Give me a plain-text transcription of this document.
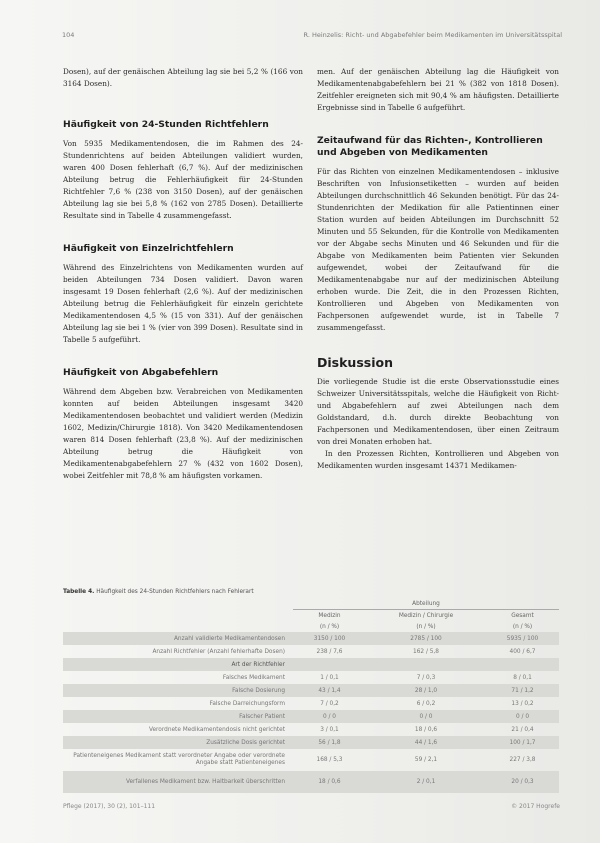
104	R. Heinzelis: Richt- und Abgabefehler beim Medikamenten im Universitätsspital

Dosen), auf der genäischen Abteilung lag sie bei 5,2 % (166 von 3164 Dosen).

Häufigkeit von 24-Stunden Richtfehlern

Von 5935 Medikamentendosen, die im Rahmen des 24-Stundenrichtens auf beiden Abteilungen validiert wurden, waren 400 Dosen fehlerhaft (6,7 %). Auf der medizinischen Abteilung betrug die Fehlerhäufigkeit für 24-Stunden Richtfehler 7,6 % (238 von 3150 Dosen), auf der genäischen Abteilung lag sie bei 5,8 % (162 von 2785 Dosen). Detaillierte Resultate sind in Tabelle 4 zusammengefasst.

Häufigkeit von Einzelrichtfehlern

Während des Einzelrichtens von Medikamenten wurden auf beiden Abteilungen 734 Dosen validiert. Davon waren insgesamt 19 Dosen fehlerhaft (2,6 %). Auf der medizinischen Abteilung betrug die Fehlerhäufigkeit für einzeln gerichtete Medikamentendosen 4,5 % (15 von 331). Auf der genäischen Abteilung lag sie bei 1 % (vier von 399 Dosen). Resultate sind in Tabelle 5 aufgeführt.

Häufigkeit von Abgabefehlern

Während dem Abgeben bzw. Verabreichen von Medikamenten konnten auf beiden Abteilungen insgesamt 3420 Medikamentendosen beobachtet und validiert werden (Medizin 1602, Medizin/Chirurgie 1818). Von 3420 Medikamentendosen waren 814 Dosen fehlerhaft (23,8 %). Auf der medizinischen Abteilung betrug die Häufigkeit von Medikamentenabgabefehlern 27 % (432 von 1602 Dosen), wobei Zeitfehler mit 78,8 % am häufigsten vorkamen.

men. Auf der genäischen Abteilung lag die Häufigkeit von Medikamentenabgabefehlern bei 21 % (382 von 1818 Dosen). Zeitfehler ereigneten sich mit 90,4 % am häufigsten. Detaillierte Ergebnisse sind in Tabelle 6 aufgeführt.

Zeitaufwand für das Richten-, Kontrollieren und Abgeben von Medikamenten

Für das Richten von einzelnen Medikamentendosen – inklusive Beschriften von Infusionsetiketten – wurden auf beiden Abteilungen durchschnittlich 46 Sekunden benötigt. Für das 24-Stundenrichten der Medikation für alle Patientinnen einer Station wurden auf beiden Abteilungen im Durchschnitt 52 Minuten und 55 Sekunden, für die Kontrolle von Medikamenten vor der Abgabe sechs Minuten und 46 Sekunden und für die Abgabe von Medikamenten beim Patienten vier Sekunden aufgewendet, wobei der Zeitaufwand für die Medikamentenabgabe nur auf der medizinischen Abteilung erhoben wurde. Die Zeit, die in den Prozessen Richten, Kontrollieren und Abgeben von Medikamenten von Fachpersonen aufgewendet wurde, ist in Tabelle 7 zusammengefasst.

Diskussion

Die vorliegende Studie ist die erste Observationsstudie eines Schweizer Universitätsspitals, welche die Häufigkeit von Richt- und Abgabefehlern auf zwei Abteilungen nach dem Goldstandard, d.h. durch direkte Beobachtung von Fachpersonen und Medikamentendosen, über einen Zeitraum von drei Monaten erhoben hat.

In den Prozessen Richten, Kontrollieren und Abgeben von Medikamenten wurden insgesamt 14371 Medikamen-

Tabelle 4. Häufigkeit des 24-Stunden Richtfehlers nach Fehlerart
	Abteilung		
	Medizin	Medizin / Chirurgie	Gesamt
	(n / %)	(n / %)	(n / %)
Anzahl validierte Medikamentendosen	3150 / 100	2785 / 100	5935 / 100
Anzahl Richtfehler (Anzahl fehlerhafte Dosen)	238 / 7,6	162 / 5,8	400 / 6,7
Art der Richtfehler			
Falsches Medikament	1 / 0,1	7 / 0,3	8 / 0,1
Falsche Dosierung	43 / 1,4	28 / 1,0	71 / 1,2
Falsche Darreichungsform	7 / 0,2	6 / 0,2	13 / 0,2
Falscher Patient	0 / 0	0 / 0	0 / 0
Verordnete Medikamentendosis nicht gerichtet	3 / 0,1	18 / 0,6	21 / 0,4
Zusätzliche Dosis gerichtet	56 / 1,8	44 / 1,6	100 / 1,7
Patienteneigenes Medikament statt verordneter Angabe oder verordnete Angabe statt Patienteneigenes	168 / 5,3	59 / 2,1	227 / 3,8
Verfallenes Medikament bzw. Haltbarkeit überschritten	18 / 0,6	2 / 0,1	20 / 0,3
Pflege (2017), 30 (2), 101–111	© 2017 Hogrefe
